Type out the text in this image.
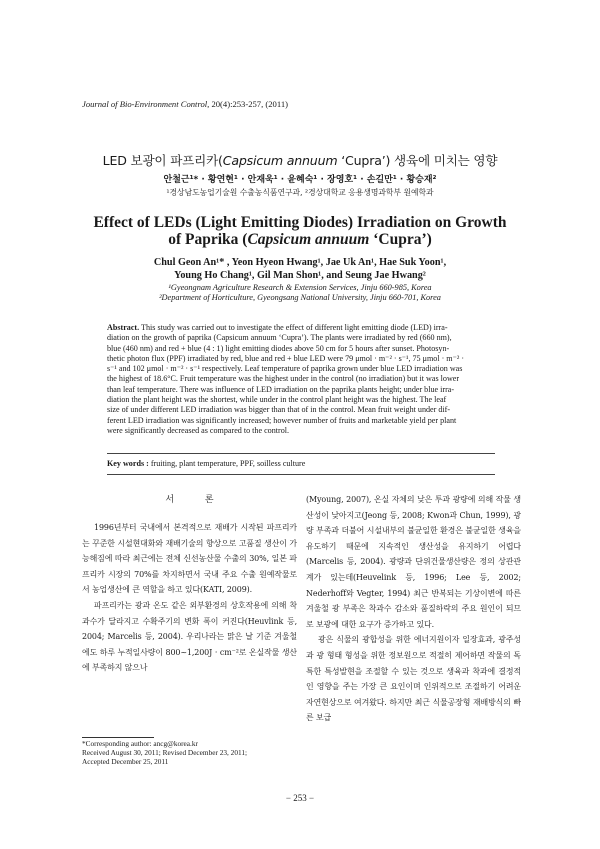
Journal of Bio-Environment Control, 20(4):253-257, (2011)
LED 보광이 파프리카(Capsicum annuum ‘Cupra’) 생육에 미치는 영향
안철근¹* · 황연현¹ · 안재욱¹ · 윤혜숙¹ · 장영호¹ · 손길만¹ · 황승재²
¹경상남도농업기술원 수출농식품연구과, ²경상대학교 응용생명과학부 원예학과
Effect of LEDs (Light Emitting Diodes) Irradiation on Growth
of Paprika (Capsicum annuum ‘Cupra’)
Chul Geon An¹* , Yeon Hyeon Hwang¹, Jae Uk An¹, Hae Suk Yoon¹,
Young Ho Chang¹, Gil Man Shon¹, and Seung Jae Hwang²
¹Gyeongnam Agriculture Research & Extension Services, Jinju 660-985, Korea
²Department of Horticulture, Gyeongsang National University, Jinju 660-701, Korea
Abstract. This study was carried out to investigate the effect of different light emitting diode (LED) irra-
diation on the growth of paprika (Capsicum annuum ‘Cupra’). The plants were irradiated by red (660 nm),
blue (460 nm) and red + blue (4 : 1) light emitting diodes above 50 cm for 5 hours after sunset. Photosyn-
thetic photon flux (PPF) irradiated by red, blue and red + blue LED were 79 μmol · m⁻² · s⁻¹, 75 μmol · m⁻² ·
s⁻¹ and 102 μmol · m⁻² · s⁻¹ respectively. Leaf temperature of paprika grown under blue LED irradiation was
the highest of 18.6°C. Fruit temperature was the highest under in the control (no irradiation) but it was lower
than leaf temperature. There was influence of LED irradiation on the paprika plants height; under blue irra-
diation the plant height was the shortest, while under in the control plant height was the highest. The leaf
size of under different LED irradiation was bigger than that of in the control. Mean fruit weight under dif-
ferent LED irradiation was significantly increased; however number of fruits and marketable yield per plant
were significantly decreased as compared to the control.
Key words : fruiting, plant temperature, PPF, soilless culture
서 론

1996년부터 국내에서 본격적으로 재배가 시작된 파프리카는 꾸준한 시설현대화와 재배기술의 향상으로 고품질 생산이 가능해짐에 따라 최근에는 전체 신선농산물 수출의 30%, 일본 파프리카 시장의 70%를 차지하면서 국내 주요 수출 원예작물로서 농업생산에 큰 역할을 하고 있다(KATI, 2009).

파프리카는 광과 온도 같은 외부환경의 상호작용에 의해 착과수가 달라지고 수확주기의 변화 폭이 커진다(Heuvlink 등, 2004; Marcelis 등, 2004). 우리나라는 맑은 날 기준 겨울철에도 하루 누적일사량이 800~1,200J · cm⁻²로 온실작물 생산에 부족하지 않으나

(Myoung, 2007), 온실 자체의 낮은 투과 광량에 의해 작물 생산성이 낮아지고(Jeong 등, 2008; Kwon과 Chun, 1999), 광량 부족과 더불어 시설내부의 불균일한 환경은 불균일한 생육을 유도하기 때문에 지속적인 생산성을 유지하기 어렵다(Marcelis 등, 2004). 광량과 단위건물생산량은 정의 상관관계가 있는데(Heuvelink 등, 1996; Lee 등, 2002; Nederhoff와 Vegter, 1994) 최근 반복되는 기상이변에 따른 겨울철 광 부족은 착과수 감소와 품질하락의 주요 원인이 되므로 보광에 대한 요구가 증가하고 있다.

광은 식물의 광합성을 위한 에너지원이자 일장효과, 광주성과 광 형태 형성을 위한 정보원으로 적절히 제어하면 작물의 독특한 특성발현을 조절할 수 있는 것으로 생육과 착과에 결정적인 영향을 주는 가장 큰 요인이며 인위적으로 조절하기 어려운 자연현상으로 여겨왔다. 하지만 최근 식물공장형 재배방식의 빠른 보급

*Corresponding author: ancg@korea.kr
Received August 30, 2011; Revised December 23, 2011;
Accepted December 25, 2011
− 253 −
